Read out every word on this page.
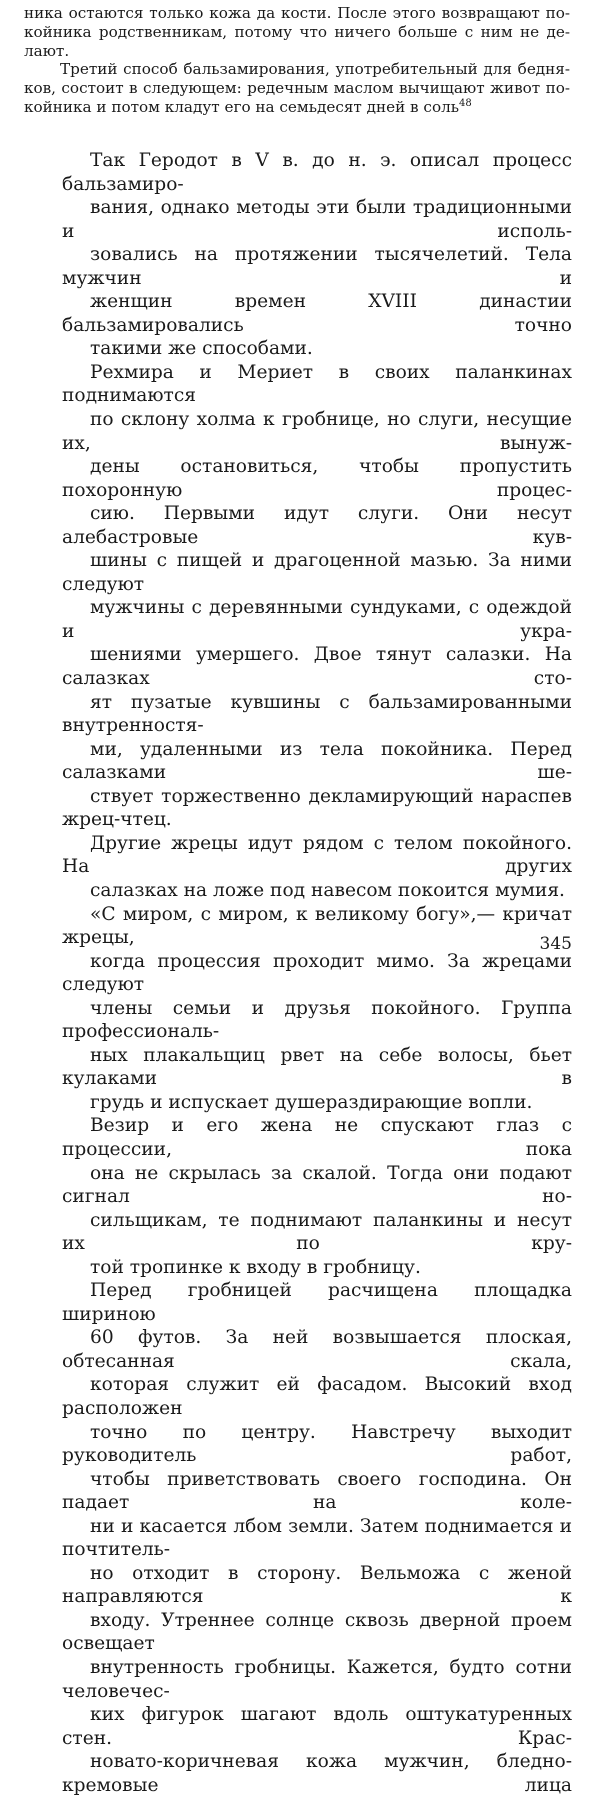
ника остаются только кожа да кости. После этого возвращают по-
койника родственникам, потому что ничего больше с ним не де-
лают.

Третий способ бальзамирования, употребительный для бедня-
ков, состоит в следующем: редечным маслом вычищают живот по-
койника и потом кладут его на семьдесят дней в соль$^{48}$

Так Геродот в V в. до н. э. описал процесс бальзамиро-
вания, однако методы эти были традиционными и исполь-
зовались на протяжении тысячелетий. Тела мужчин и
женщин времен XVIII династии бальзамировались точно
такими же способами.

Рехмира и Мериет в своих паланкинах поднимаются
по склону холма к гробнице, но слуги, несущие их, вынуж-
дены остановиться, чтобы пропустить похоронную процес-
сию. Первыми идут слуги. Они несут алебастровые кув-
шины с пищей и драгоценной мазью. За ними следуют
мужчины с деревянными сундуками, с одеждой и укра-
шениями умершего. Двое тянут салазки. На салазках сто-
ят пузатые кувшины с бальзамированными внутренностя-
ми, удаленными из тела покойника. Перед салазками ше-
ствует торжественно декламирующий нараспев жрец-чтец.
Другие жрецы идут рядом с телом покойного. На других
салазках на ложе под навесом покоится мумия.

«С миром, с миром, к великому богу»,— кричат жрецы,
когда процессия проходит мимо. За жрецами следуют
члены семьи и друзья покойного. Группа профессиональ-
ных плакальщиц рвет на себе волосы, бьет кулаками в
грудь и испускает душераздирающие вопли.

Везир и его жена не спускают глаз с процессии, пока
она не скрылась за скалой. Тогда они подают сигнал но-
сильщикам, те поднимают паланкины и несут их по кру-
той тропинке к входу в гробницу.

Перед гробницей расчищена площадка шириною
60 футов. За ней возвышается плоская, обтесанная скала,
которая служит ей фасадом. Высокий вход расположен
точно по центру. Навстречу выходит руководитель работ,
чтобы приветствовать своего господина. Он падает на коле-
ни и касается лбом земли. Затем поднимается и почтитель-
но отходит в сторону. Вельможа с женой направляются к
входу. Утреннее солнце сквозь дверной проем освещает
внутренность гробницы. Кажется, будто сотни человечес-
ких фигурок шагают вдоль оштукатуренных стен. Крас-
новато-коричневая кожа мужчин, бледно-кремовые лица

345
